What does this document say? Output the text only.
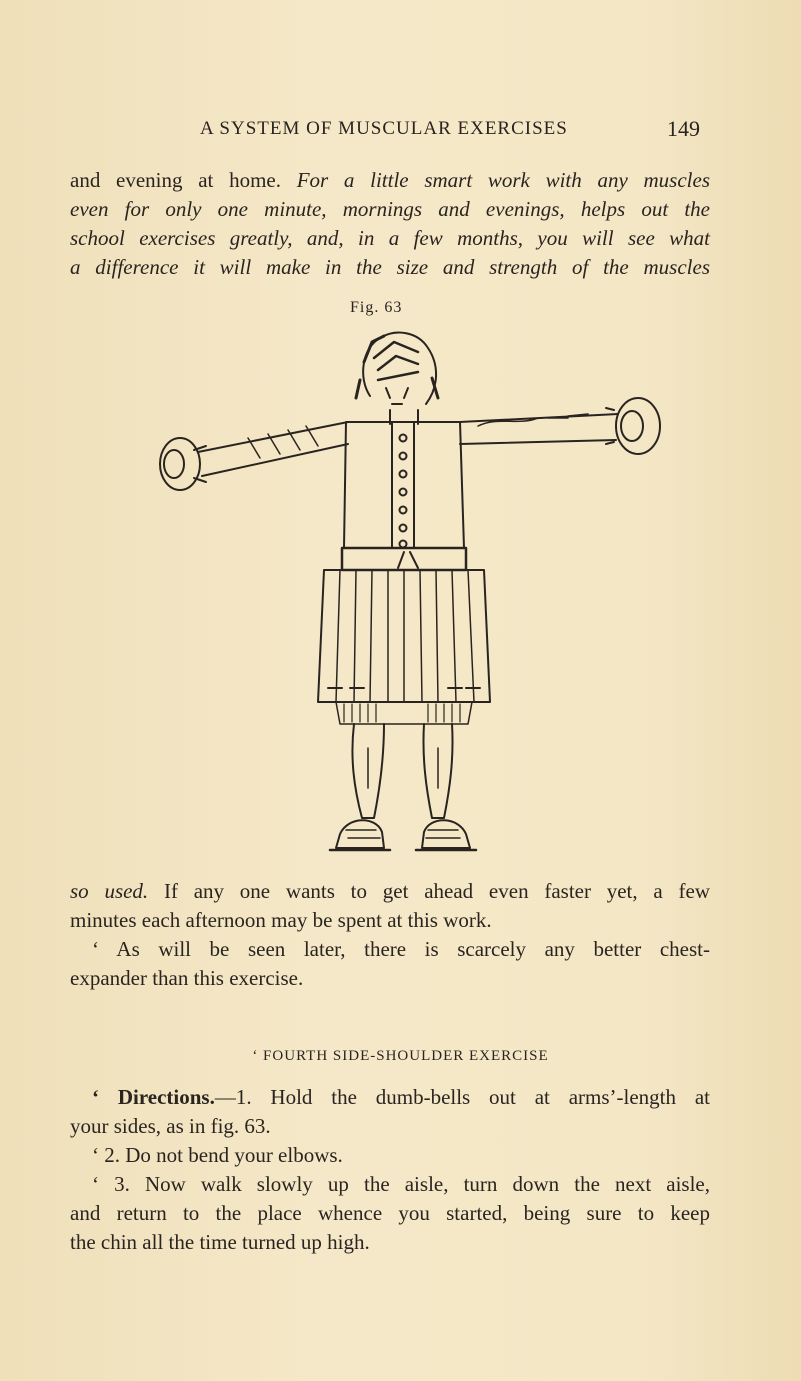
A SYSTEM OF MUSCULAR EXERCISES	149
and evening at home. For a little smart work with any muscles
even for only one minute, mornings and evenings, helps out the
school exercises greatly, and, in a few months, you will see what
a difference it will make in the size and strength of the muscles
Fig. 63
so used. If any one wants to get ahead even faster yet, a few
minutes each afternoon may be spent at this work.
‘ As will be seen later, there is scarcely any better chest-
expander than this exercise.
‘ FOURTH SIDE-SHOULDER EXERCISE
‘ Directions.—1. Hold the dumb-bells out at arms’-length at
your sides, as in fig. 63.
‘ 2. Do not bend your elbows.
‘ 3. Now walk slowly up the aisle, turn down the next aisle,
and return to the place whence you started, being sure to keep
the chin all the time turned up high.
